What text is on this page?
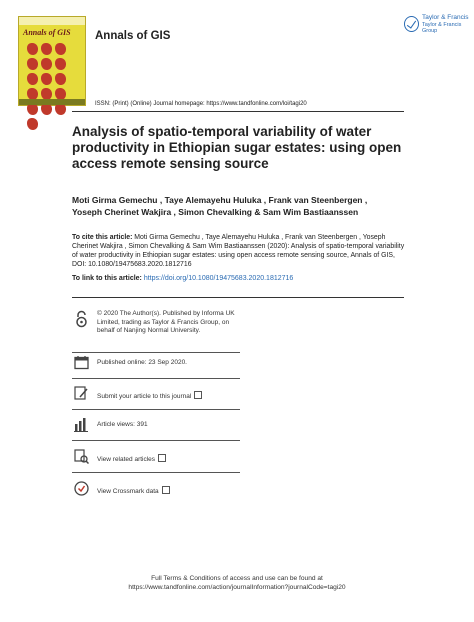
Annals of GIS Annals of GIS
Taylor & Francis
Taylor & Francis Group
ISSN: (Print) (Online) Journal homepage: https://www.tandfonline.com/loi/tagi20
Analysis of spatio-temporal variability of water productivity in Ethiopian sugar estates: using open access remote sensing source
Moti Girma Gemechu , Taye Alemayehu Huluka , Frank van Steenbergen ,
Yoseph Cherinet Wakjira , Simon Chevalking & Sam Wim Bastiaanssen
To cite this article: Moti Girma Gemechu , Taye Alemayehu Huluka , Frank van Steenbergen , Yoseph Cherinet Wakjira , Simon Chevalking & Sam Wim Bastiaanssen (2020): Analysis of spatio-temporal variability of water productivity in Ethiopian sugar estates: using open access remote sensing source, Annals of GIS, DOI: 10.1080/19475683.2020.1812716
To link to this article: https://doi.org/10.1080/19475683.2020.1812716
© 2020 The Author(s). Published by Informa UK Limited, trading as Taylor & Francis Group, on behalf of Nanjing Normal University.
Published online: 23 Sep 2020.
Submit your article to this journal
Article views: 391
View related articles
View Crossmark data
Full Terms & Conditions of access and use can be found at
https://www.tandfonline.com/action/journalInformation?journalCode=tagi20
